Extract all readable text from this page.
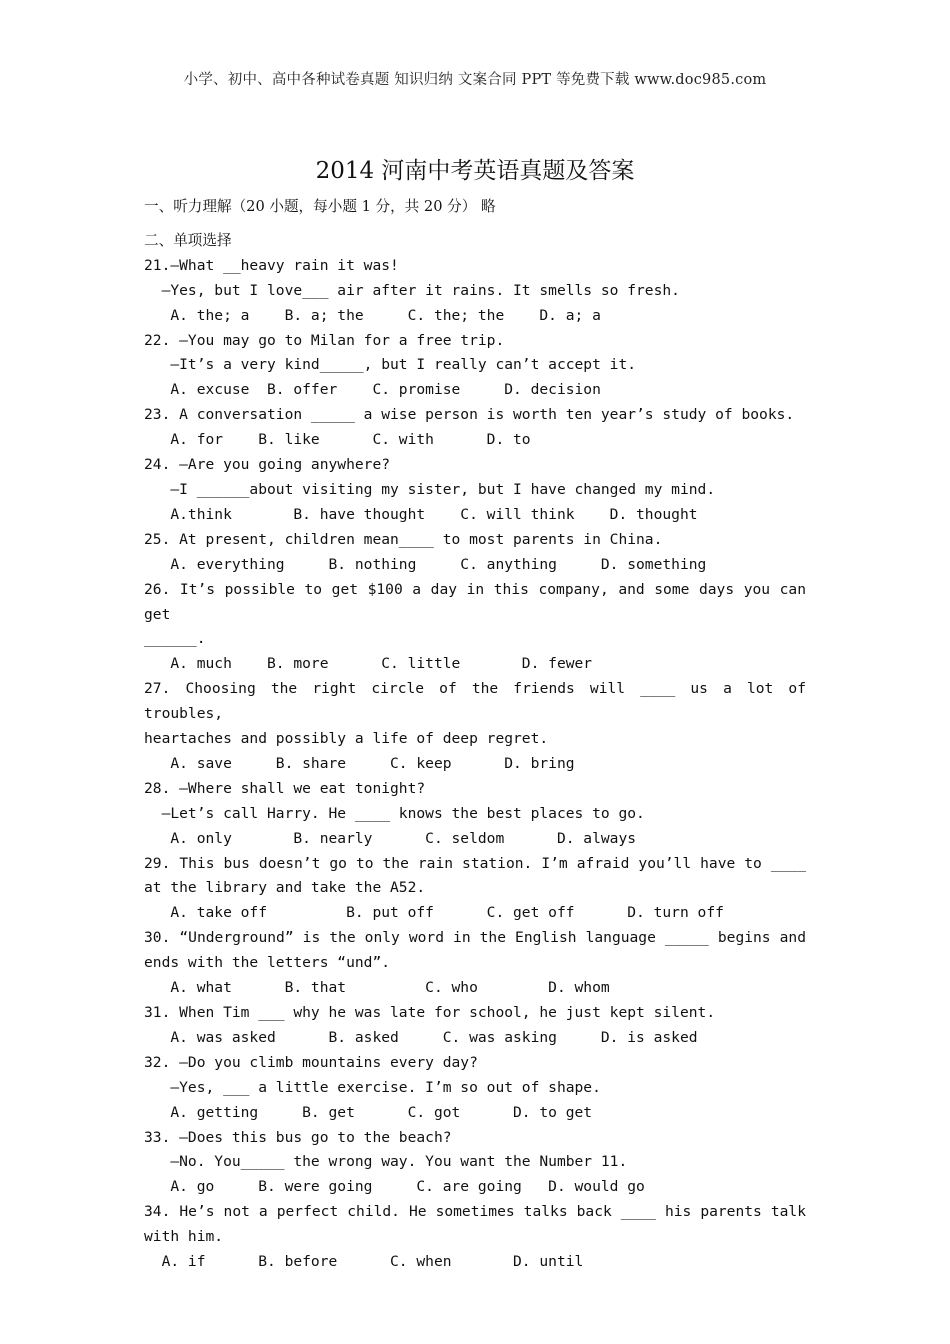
小学、初中、高中各种试卷真题 知识归纳 文案合同 PPT 等免费下载 www.doc985.com
2014 河南中考英语真题及答案
一、听力理解（20 小题，每小题 1 分，共 20 分） 略
二、单项选择
21.—What __heavy rain it was!
—Yes, but I love___ air after it rains. It smells so fresh.
A. the; a    B. a; the     C. the; the    D. a; a
22. —You may go to Milan for a free trip.
—It’s a very kind_____, but I really can’t accept it.
A. excuse  B. offer    C. promise     D. decision
23. A conversation _____ a wise person is worth ten year’s study of books.
A. for    B. like      C. with      D. to
24. —Are you going anywhere?
—I ______about visiting my sister, but I have changed my mind.
A.think       B. have thought    C. will think    D. thought
25. At present, children mean____ to most parents in China.
A. everything     B. nothing     C. anything     D. something
26. It’s possible to get $100 a day in this company, and some days you can get
______.
A. much    B. more      C. little       D. fewer
27. Choosing the right circle of the friends will ____ us a lot of troubles,
heartaches and possibly a life of deep regret.
A. save     B. share     C. keep      D. bring
28. —Where shall we eat tonight?
—Let’s call Harry. He ____ knows the best places to go.
A. only       B. nearly      C. seldom      D. always
29. This bus doesn’t go to the rain station. I’m afraid you’ll have to ____
at the library and take the A52.
A. take off         B. put off      C. get off      D. turn off
30. “Underground” is the only word in the English language _____ begins and
ends with the letters “und”.
A. what      B. that         C. who        D. whom
31. When Tim ___ why he was late for school, he just kept silent.
A. was asked      B. asked     C. was asking     D. is asked
32. —Do you climb mountains every day?
—Yes, ___ a little exercise. I’m so out of shape.
A. getting     B. get      C. got      D. to get
33. —Does this bus go to the beach?
—No. You_____ the wrong way. You want the Number 11.
A. go     B. were going     C. are going   D. would go
34. He’s not a perfect child. He sometimes talks back ____ his parents talk
with him.
A. if      B. before      C. when       D. until
